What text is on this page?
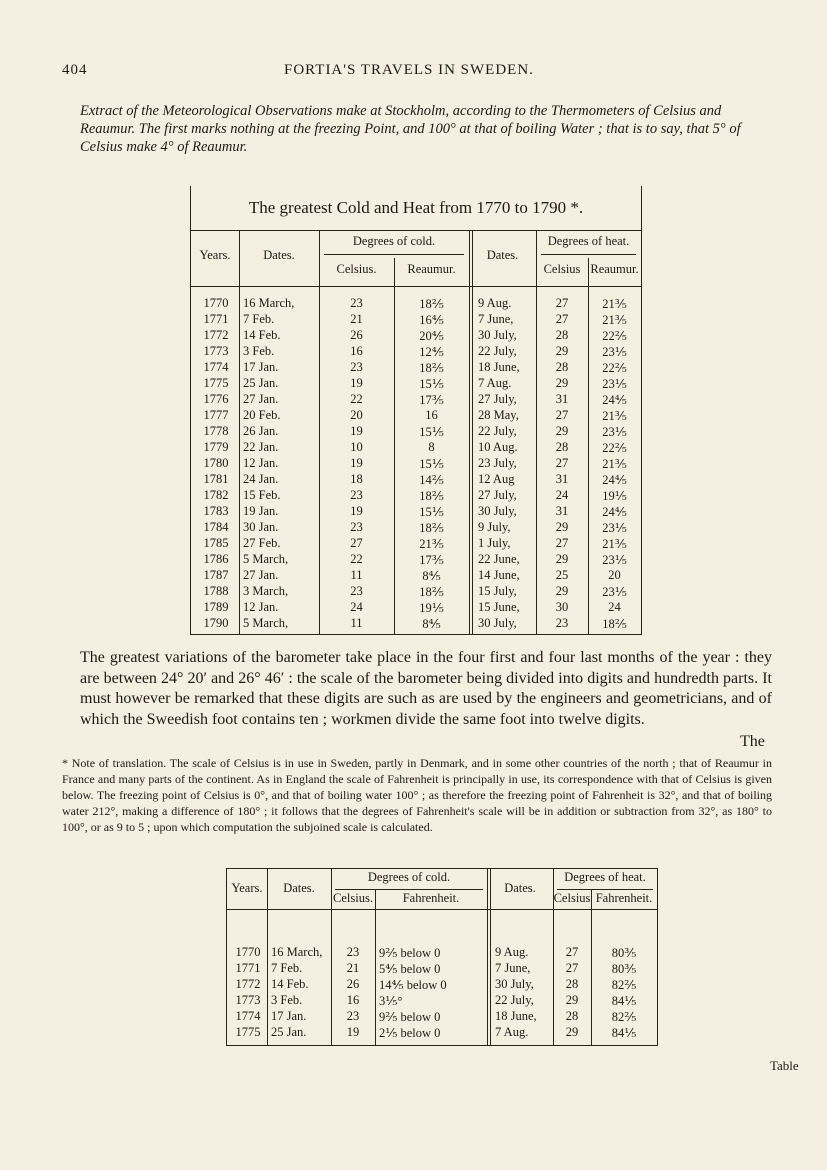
404	FORTIA'S TRAVELS IN SWEDEN.
Extract of the Meteorological Observations make at Stockholm, according to the Thermometers of Celsius and Reaumur. The first marks nothing at the freezing Point, and 100° at that of boiling Water ; that is to say, that 5° of Celsius make 4° of Reaumur.
The greatest Cold and Heat from 1770 to 1790 *.
Years.	Dates.
Degrees of cold.
Celsius.	Reaumur.
Dates.
Degrees of heat.
Celsius Reaumur.
1770	16 March,	23	18⅖	9 Aug.	27	21⅗
1771	7 Feb.	21	16⅘	7 June,	27	21⅗
1772	14 Feb.	26	20⅘	30 July,	28	22⅖
1773	3 Feb.	16	12⅘	22 July,	29	23⅕
1774	17 Jan.	23	18⅖	18 June,	28	22⅖
1775	25 Jan.	19	15⅕	7 Aug.	29	23⅕
1776	27 Jan.	22	17⅗	27 July,	31	24⅘
1777	20 Feb.	20	16	28 May,	27	21⅗
1778	26 Jan.	19	15⅕	22 July,	29	23⅕
1779	22 Jan.	10	8	10 Aug.	28	22⅖
1780	12 Jan.	19	15⅕	23 July,	27	21⅗
1781	24 Jan.	18	14⅖	12 Aug	31	24⅘
1782	15 Feb.	23	18⅖	27 July,	24	19⅕
1783	19 Jan.	19	15⅕	30 July,	31	24⅘
1784	30 Jan.	23	18⅖	9 July,	29	23⅕
1785	27 Feb.	27	21⅗	1 July,	27	21⅗
1786	5 March,	22	17⅗	22 June,	29	23⅕
1787	27 Jan.	11	8⅘	14 June,	25	20
1788	3 March,	23	18⅖	15 July,	29	23⅕
1789	12 Jan.	24	19⅕	15 June,	30	24
1790	5 March,	11	8⅘	30 July,	23	18⅖
The greatest variations of the barometer take place in the four first and four last months of the year : they are between 24° 20′ and 26° 46′ : the scale of the barometer being divided into digits and hundredth parts. It must however be remarked that these digits are such as are used by the engineers and geometricians, and of which the Sweedish foot contains ten ; workmen divide the same foot into twelve digits.
The
* Note of translation. The scale of Celsius is in use in Sweden, partly in Denmark, and in some other countries of the north ; that of Reaumur in France and many parts of the continent. As in England the scale of Fahrenheit is principally in use, its correspondence with that of Celsius is given below. The freezing point of Celsius is 0°, and that of boiling water 100° ; as therefore the freezing point of Fahrenheit is 32°, and that of boiling water 212°, making a difference of 180° ; it follows that the degrees of Fahrenheit's scale will be in addition or subtraction from 32°, as 180° to 100°, or as 9 to 5 ; upon which computation the subjoined scale is calculated.
Years.	Dates.
Degrees of cold.
Celsius.	Fahrenheit.
Dates.
Degrees of heat.
Celsius Fahrenheit.
1770 16 March,	23	9⅖ below 0	9 Aug.	27	80⅗
1771 7 Feb.	21	5⅘ below 0	7 June,	27	80⅗
1772 14 Feb.	26	14⅘ below 0	30 July,	28	82⅖
1773 3 Feb.	16	3⅕°	22 July,	29	84⅕
1774 17 Jan.	23	9⅖ below 0	18 June,	28	82⅖
1775 25 Jan.	19	2⅕ below 0	7 Aug.	29	84⅕
Table
